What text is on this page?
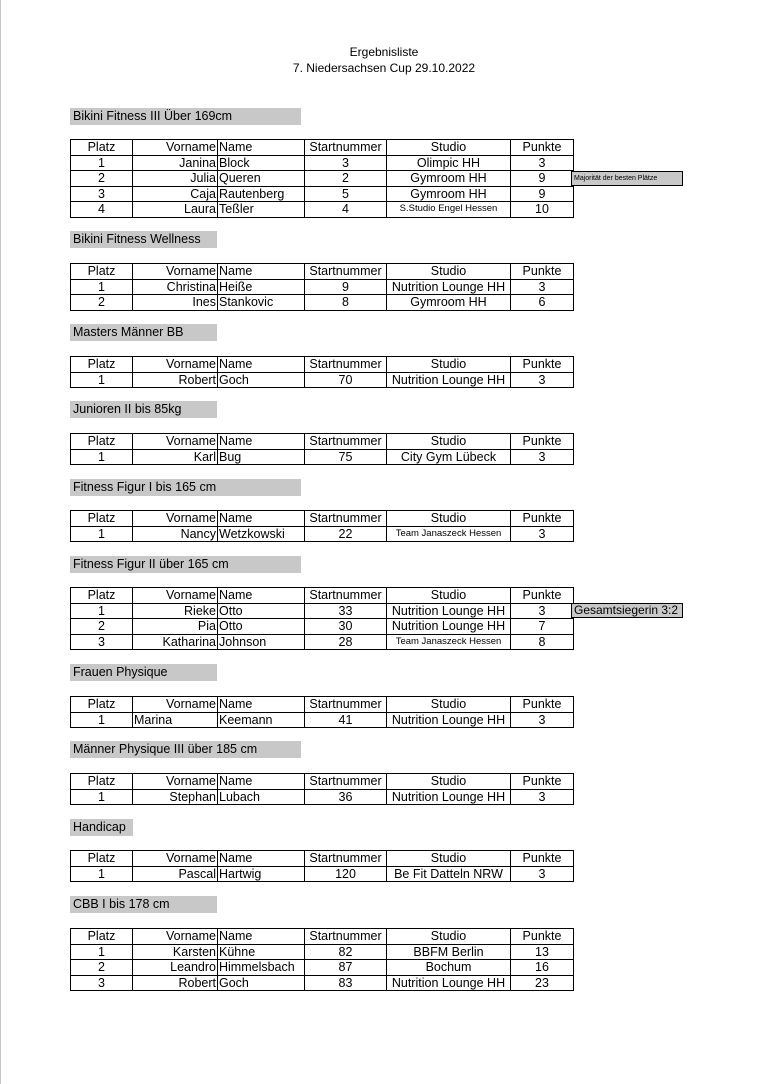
Ergebnisliste
7. Niedersachsen Cup 29.10.2022
Bikini Fitness III Über 169cm
Platz	Vorname	Name	Startnummer	Studio	Punkte
1	Janina	Block	3	Olimpic HH	3
2	Julia	Queren	2	Gymroom HH	9
3	Caja	Rautenberg	5	Gymroom HH	9
4	Laura	Teßler	4	S.Studio Engel Hessen	10
Majorität der besten Plätze
Bikini Fitness Wellness
Platz	Vorname	Name	Startnummer	Studio	Punkte
1	Christina	Heiße	9	Nutrition Lounge HH	3
2	Ines	Stankovic	8	Gymroom HH	6
Masters Männer BB
Platz	Vorname	Name	Startnummer	Studio	Punkte
1	Robert	Goch	70	Nutrition Lounge HH	3
Junioren II bis 85kg
Platz	Vorname	Name	Startnummer	Studio	Punkte
1	Karl	Bug	75	City Gym Lübeck	3
Fitness Figur I bis 165 cm
Platz	Vorname	Name	Startnummer	Studio	Punkte
1	Nancy	Wetzkowski	22	Team Janaszeck Hessen	3
Fitness Figur II über 165 cm
Platz	Vorname	Name	Startnummer	Studio	Punkte
1	Rieke	Otto	33	Nutrition Lounge HH	3
2	Pia	Otto	30	Nutrition Lounge HH	7
3	Katharina	Johnson	28	Team Janaszeck Hessen	8
Gesamtsiegerin 3:2
Frauen Physique
Platz	Vorname	Name	Startnummer	Studio	Punkte
1	Marina	Keemann	41	Nutrition Lounge HH	3
Männer Physique III über 185 cm
Platz	Vorname	Name	Startnummer	Studio	Punkte
1	Stephan	Lubach	36	Nutrition Lounge HH	3
Handicap
Platz	Vorname	Name	Startnummer	Studio	Punkte
1	Pascal	Hartwig	120	Be Fit Datteln NRW	3
CBB I bis 178 cm
Platz	Vorname	Name	Startnummer	Studio	Punkte
1	Karsten	Kühne	82	BBFM Berlin	13
2	Leandro	Himmelsbach	87	Bochum	16
3	Robert	Goch	83	Nutrition Lounge HH	23
